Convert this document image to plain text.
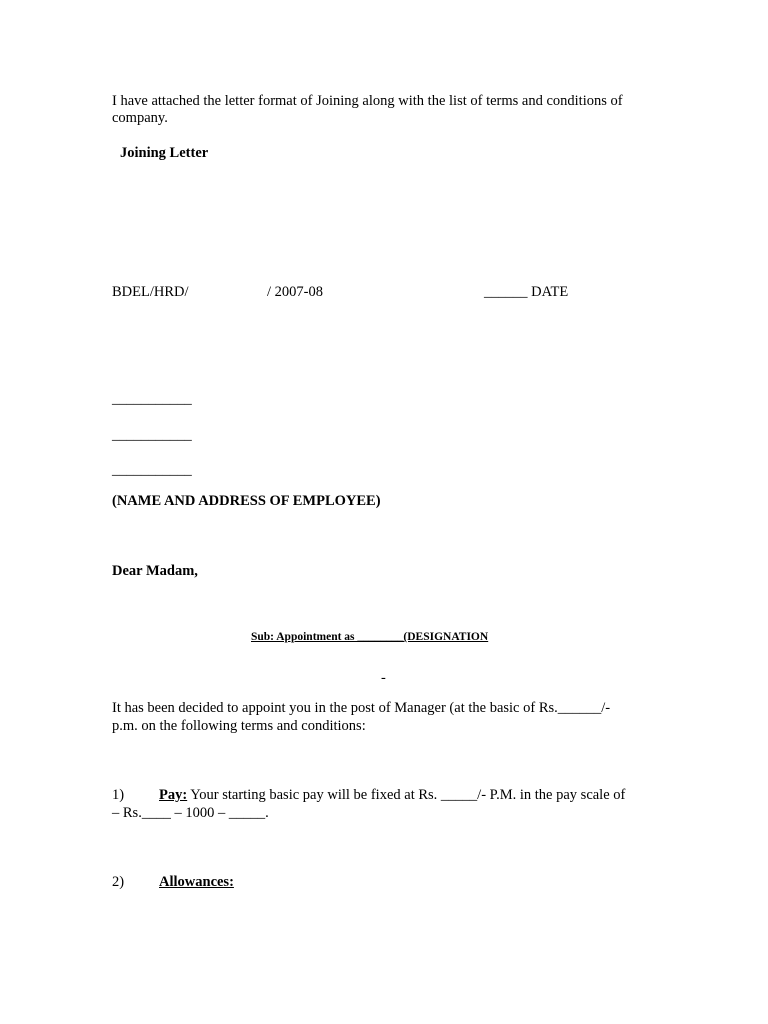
I have attached the letter format of Joining along with the list of terms and conditions of
company.
Joining Letter
BDEL/HRD/	/ 2007-08	______ DATE
___________
___________
___________
(NAME AND ADDRESS OF EMPLOYEE)
Dear Madam,
Sub: Appointment as ________(DESIGNATION
-
It has been decided to appoint you in the post of Manager (at the basic of Rs.______/-
p.m. on the following terms and conditions:
1) Pay: Your starting basic pay will be fixed at Rs. _____/- P.M. in the pay scale of
– Rs.____ – 1000 – _____.
2) Allowances:
